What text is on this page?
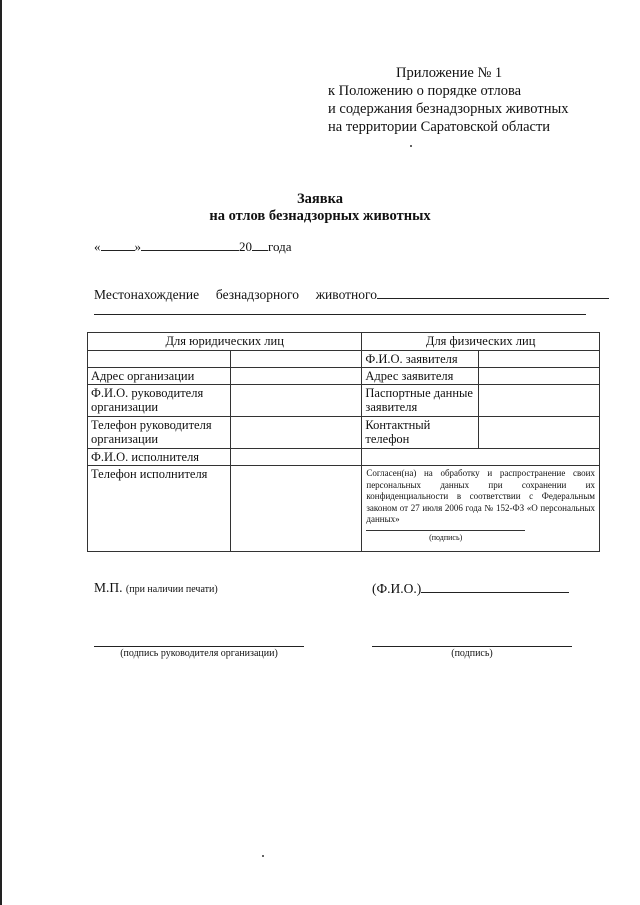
Приложение № 1
к Положению о порядке отлова
и содержания безнадзорных животных
на территории Саратовской области
Заявка
на отлов безнадзорных животных
«	»	20 года
Местонахождение безнадзорного животного
Для юридических лиц		Для физических лиц	
		Ф.И.О. заявителя	
Адрес организации		Адрес заявителя	
Ф.И.О. руководителя организации		Паспортные данные заявителя	
Телефон руководителя организации		Контактный телефон	
Ф.И.О. исполнителя			
Телефон исполнителя		Согласен(на) на обработку и распространение своих персональных данных при сохранении их конфиденциальности в соответствии с Федеральным законом от 27 июля 2006 года № 152-ФЗ «О персональных данных»
(подпись)	
М.П. (при наличии печати)	(Ф.И.О.)
(подпись руководителя организации)	(подпись)
